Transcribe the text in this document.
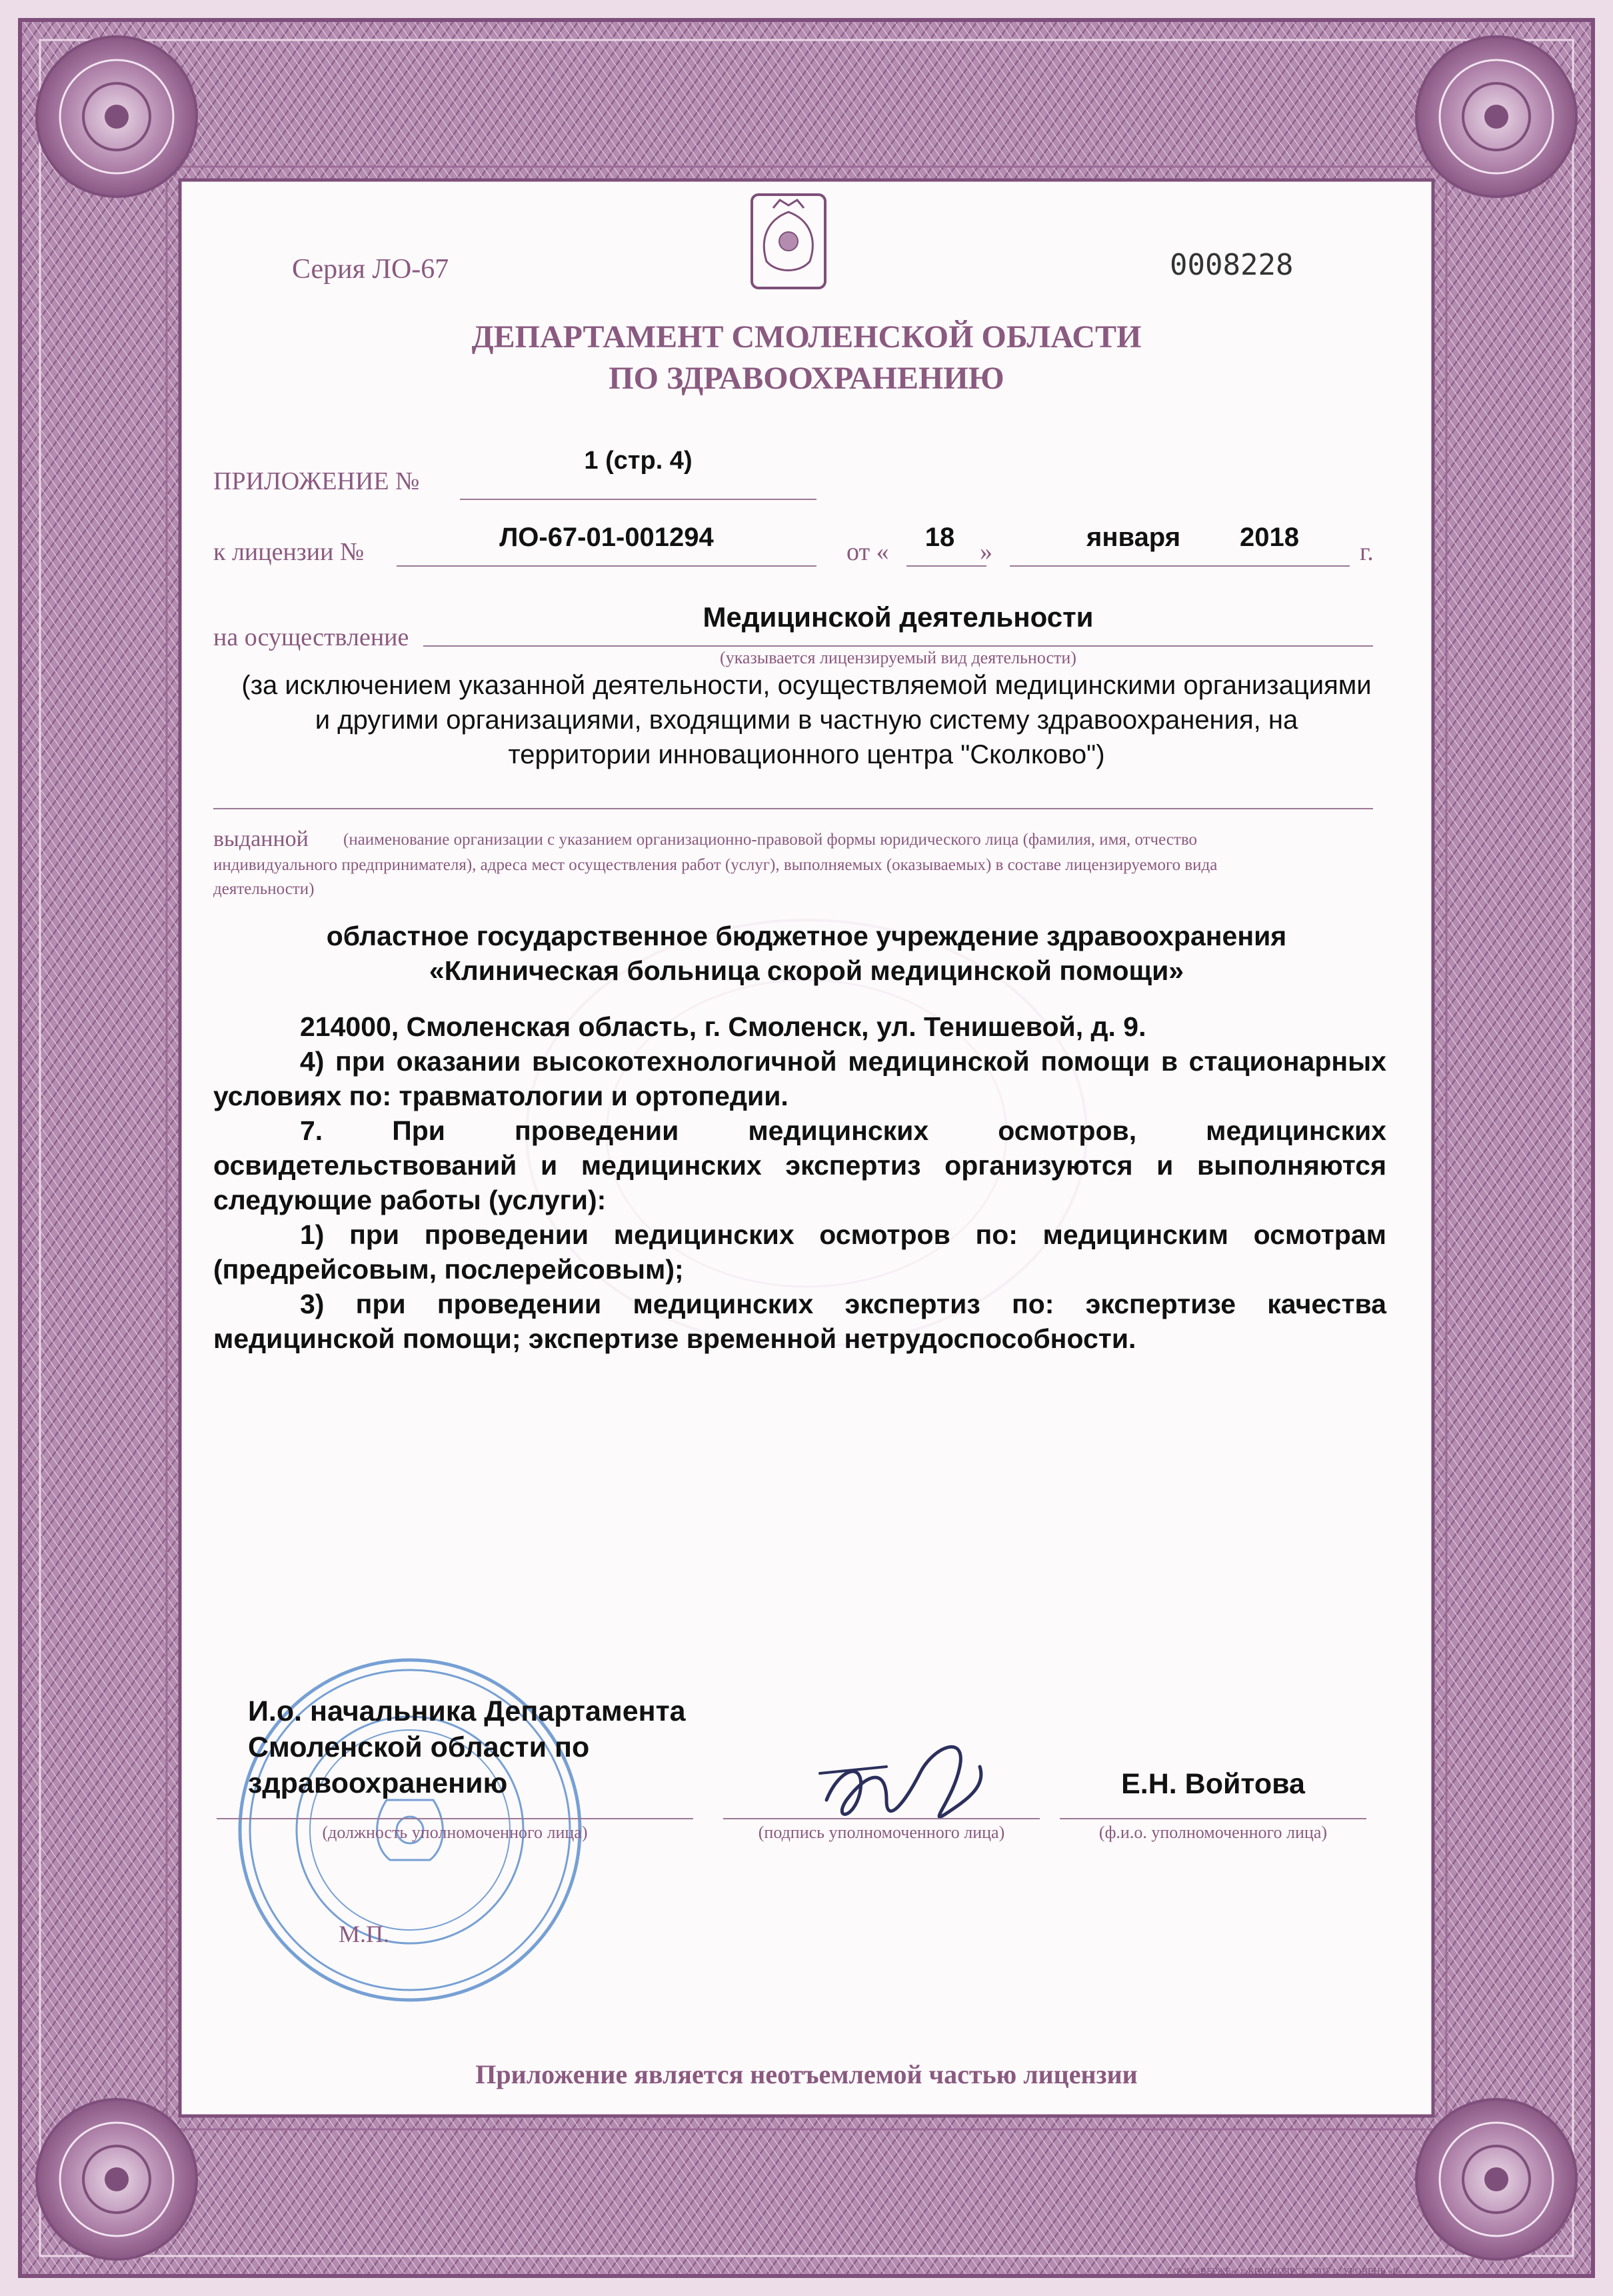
Серия ЛО-67	0008228
ДЕПАРТАМЕНТ СМОЛЕНСКОЙ ОБЛАСТИ
ПО ЗДРАВООХРАНЕНИЮ
ПРИЛОЖЕНИЕ №
1 (стр. 4)
к лицензии №	ЛО-67-01-001294	от «	18 »	января 2018 г.
на осуществление
Медицинской деятельности
(указывается лицензируемый вид деятельности)

(за исключением указанной деятельности, осуществляемой медицинскими организациями

и другими организациями, входящими в частную систему здравоохранения, на

территории инновационного центра "Сколково")

выданной (наименование организации с указанием организационно-правовой формы юридического лица (фамилия, имя, отчество
индивидуального предпринимателя), адреса мест осуществления работ (услуг), выполняемых (оказываемых) в составе лицензируемого вида
деятельности)

областное государственное бюджетное учреждение здравоохранения

«Клиническая больница скорой медицинской помощи»

214000, Смоленская область, г. Смоленск, ул. Тенишевой, д. 9.

4) при оказании высокотехнологичной медицинской помощи в стационарных условиях по: травматологии и ортопедии.

7. При проведении медицинских осмотров, медицинских освидетельствований и медицинских экспертиз организуются и выполняются следующие работы (услуги):

1) при проведении медицинских осмотров по: медицинским осмотрам (предрейсовым, послерейсовым);

3) при проведении медицинских экспертиз по: экспертизе качества медицинской помощи; экспертизе временной нетрудоспособности.

И.о. начальника Департамента
Смоленской области по
здравоохранению
(должность уполномоченного лица)	(подпись уполномоченного лица)
Е.Н. Войтова
(ф.и.о. уполномоченного лица)
М.П.
Приложение является неотъемлемой частью лицензии
ООО «ВЕРЖЕ», г. КРАСНОЯРСК, 2017 г., УРОВЕНЬ «Б»
